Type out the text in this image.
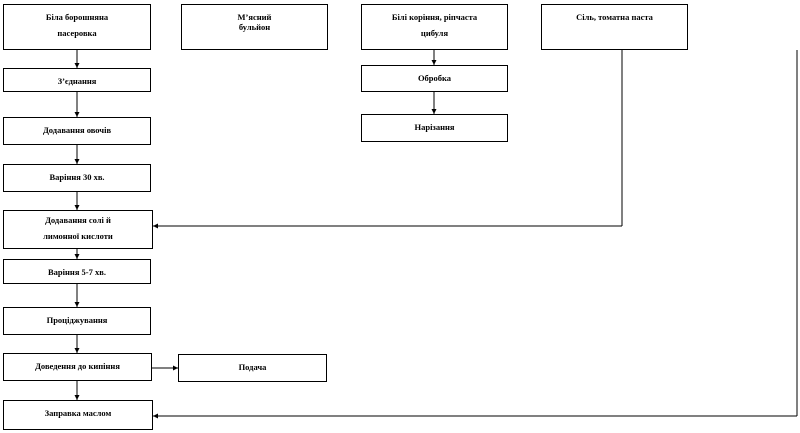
Біла борошняна
пасеровка
М’ясний
бульйон
Білі коріння, ріпчаста
цибуля
Сіль, томатна паста
З’єднання	Обробка
Додавання овочів	Нарізання
Варіння 30 хв.
Додавання солі й
лимонної кислоти
Варіння 5-7 хв.
Проціджування
Доведення до кипіння	Подача
Заправка маслом
